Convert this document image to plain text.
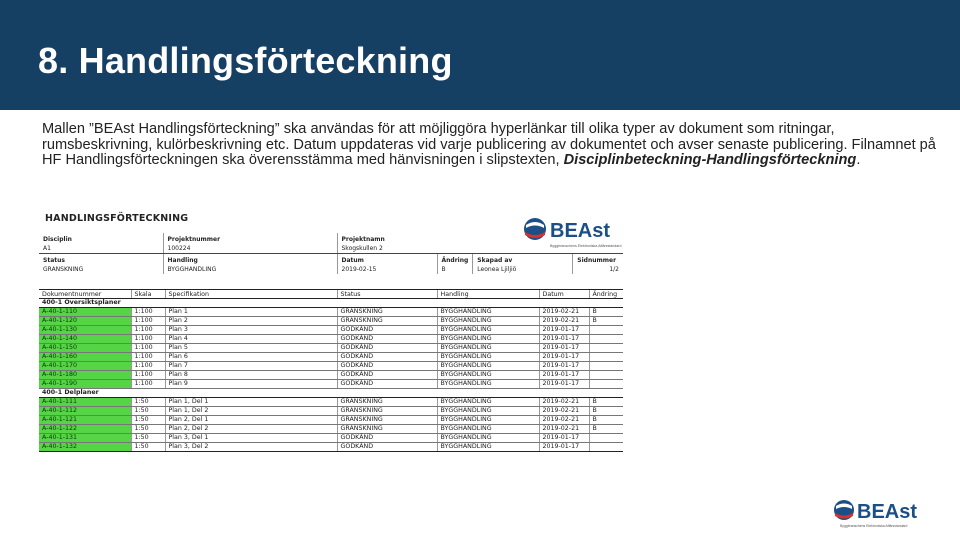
8. Handlingsförteckning
Mallen ”BEAst Handlingsförteckning” ska användas för att möjliggöra hyperlänkar till olika typer av dokument som ritningar, rumsbeskrivning, kulörbeskrivning etc. Datum uppdateras vid varje publicering av dokumentet och avser senaste publicering. Filnamnet på HF Handlingsförteckningen ska överensstämma med hänvisningen i slipstexten, Disciplinbeteckning-Handlingsförteckning.
HANDLINGSFÖRTECKNING
BEAst
Byggbranschens Elektroniska Affärsstandard
Disciplin	Projektnummer	Projektnamn			
A1	100224	Skogskullen 2			

Status	Handling	Datum	Ändring	Skapad av	Sidnummer
GRANSKNING	BYGGHANDLING	2019-02-15	B	Leonea Ljiljiö	1/2
Dokumentnummer	Skala	Specifikation	Status	Handling	Datum	Ändring
400-1 Översiktsplaner						
A-40-1-110	1:100	Plan 1	GRANSKNING	BYGGHANDLING	2019-02-21	B
A-40-1-120	1:100	Plan 2	GRANSKNING	BYGGHANDLING	2019-02-21	B
A-40-1-130	1:100	Plan 3	GODKÄND	BYGGHANDLING	2019-01-17	
A-40-1-140	1:100	Plan 4	GODKÄND	BYGGHANDLING	2019-01-17	
A-40-1-150	1:100	Plan 5	GODKÄND	BYGGHANDLING	2019-01-17	
A-40-1-160	1:100	Plan 6	GODKÄND	BYGGHANDLING	2019-01-17	
A-40-1-170	1:100	Plan 7	GODKÄND	BYGGHANDLING	2019-01-17	
A-40-1-180	1:100	Plan 8	GODKÄND	BYGGHANDLING	2019-01-17	
A-40-1-190	1:100	Plan 9	GODKÄND	BYGGHANDLING	2019-01-17	
400-1 Delplaner						
A-40-1-111	1:50	Plan 1, Del 1	GRANSKNING	BYGGHANDLING	2019-02-21	B
A-40-1-112	1:50	Plan 1, Del 2	GRANSKNING	BYGGHANDLING	2019-02-21	B
A-40-1-121	1:50	Plan 2, Del 1	GRANSKNING	BYGGHANDLING	2019-02-21	B
A-40-1-122	1:50	Plan 2, Del 2	GRANSKNING	BYGGHANDLING	2019-02-21	B
A-40-1-131	1:50	Plan 3, Del 1	GODKÄND	BYGGHANDLING	2019-01-17	
A-40-1-132	1:50	Plan 3, Del 2	GODKÄND	BYGGHANDLING	2019-01-17	
BEAst
Byggbranschens Elektroniska Affärsstandard
